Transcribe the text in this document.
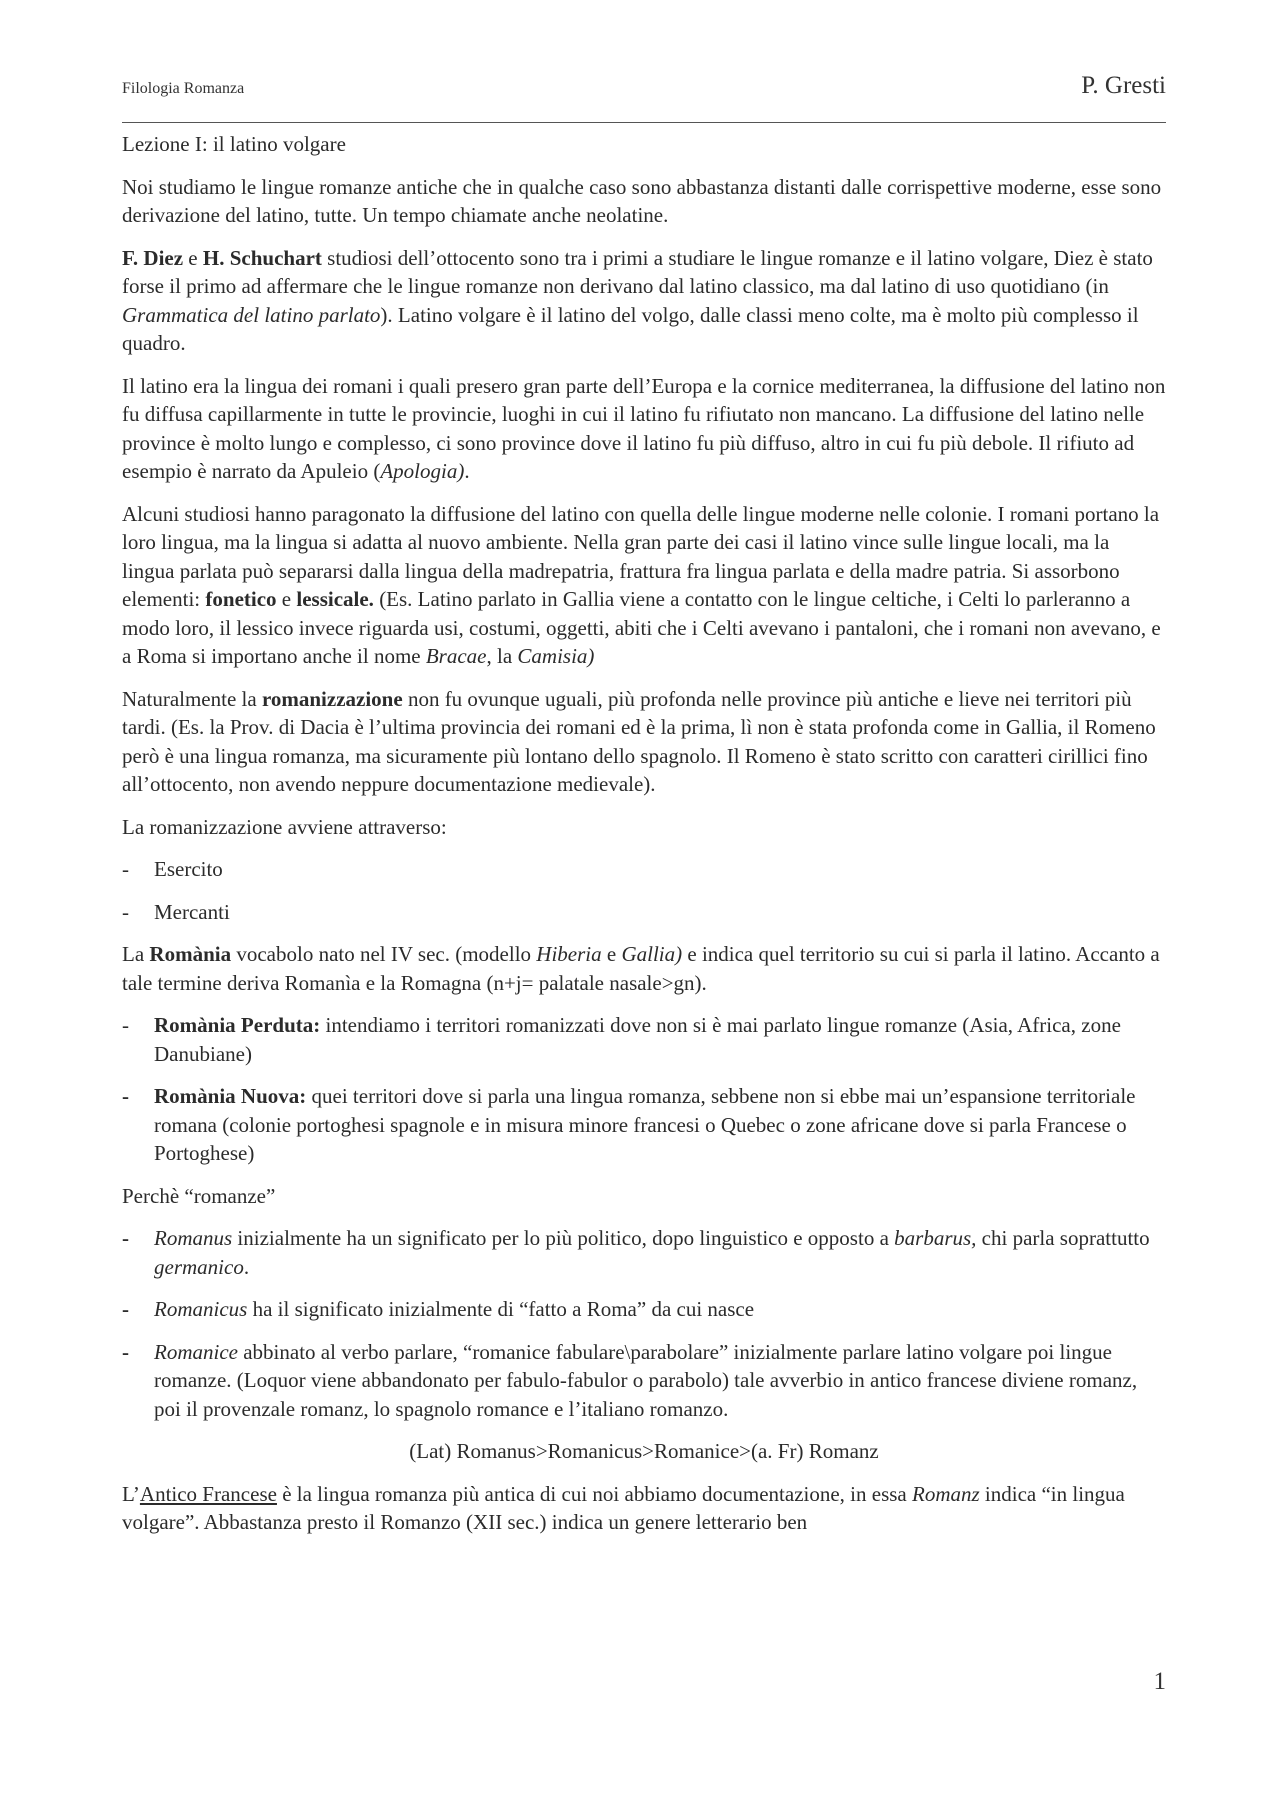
Filologia Romanza	P. Gresti

Lezione I: il latino volgare

Noi studiamo le lingue romanze antiche che in qualche caso sono abbastanza distanti dalle corrispettive moderne, esse sono derivazione del latino, tutte. Un tempo chiamate anche neolatine.

F. Diez e H. Schuchart studiosi dell’ottocento sono tra i primi a studiare le lingue romanze e il latino volgare, Diez è stato forse il primo ad affermare che le lingue romanze non derivano dal latino classico, ma dal latino di uso quotidiano (in Grammatica del latino parlato). Latino volgare è il latino del volgo, dalle classi meno colte, ma è molto più complesso il quadro.

Il latino era la lingua dei romani i quali presero gran parte dell’Europa e la cornice mediterranea, la diffusione del latino non fu diffusa capillarmente in tutte le provincie, luoghi in cui il latino fu rifiutato non mancano. La diffusione del latino nelle province è molto lungo e complesso, ci sono province dove il latino fu più diffuso, altro in cui fu più debole. Il rifiuto ad esempio è narrato da Apuleio (Apologia).

Alcuni studiosi hanno paragonato la diffusione del latino con quella delle lingue moderne nelle colonie. I romani portano la loro lingua, ma la lingua si adatta al nuovo ambiente. Nella gran parte dei casi il latino vince sulle lingue locali, ma la lingua parlata può separarsi dalla lingua della madrepatria, frattura fra lingua parlata e della madre patria. Si assorbono elementi: fonetico e lessicale. (Es. Latino parlato in Gallia viene a contatto con le lingue celtiche, i Celti lo parleranno a modo loro, il lessico invece riguarda usi, costumi, oggetti, abiti che i Celti avevano i pantaloni, che i romani non avevano, e a Roma si importano anche il nome Bracae, la Camisia)

Naturalmente la romanizzazione non fu ovunque uguali, più profonda nelle province più antiche e lieve nei territori più tardi. (Es. la Prov. di Dacia è l’ultima provincia dei romani ed è la prima, lì non è stata profonda come in Gallia, il Romeno però è una lingua romanza, ma sicuramente più lontano dello spagnolo. Il Romeno è stato scritto con caratteri cirillici fino all’ottocento, non avendo neppure documentazione medievale).

La romanizzazione avviene attraverso:

- Esercito
- Mercanti

La Romània vocabolo nato nel IV sec. (modello Hiberia e Gallia) e indica quel territorio su cui si parla il latino. Accanto a tale termine deriva Romanìa e la Romagna (n+j= palatale nasale>gn).

- Romània Perduta: intendiamo i territori romanizzati dove non si è mai parlato lingue romanze (Asia, Africa, zone Danubiane)
- Romània Nuova: quei territori dove si parla una lingua romanza, sebbene non si ebbe mai un’espansione territoriale romana (colonie portoghesi spagnole e in misura minore francesi o Quebec o zone africane dove si parla Francese o Portoghese)

Perchè “romanze”

- Romanus inizialmente ha un significato per lo più politico, dopo linguistico e opposto a barbarus, chi parla soprattutto germanico.
- Romanicus ha il significato inizialmente di “fatto a Roma” da cui nasce
- Romanice abbinato al verbo parlare, “romanice fabulare\parabolare” inizialmente parlare latino volgare poi lingue romanze. (Loquor viene abbandonato per fabulo-fabulor o parabolo) tale avverbio in antico francese diviene romanz, poi il provenzale romanz, lo spagnolo romance e l’italiano romanzo.

(Lat) Romanus>Romanicus>Romanice>(a. Fr) Romanz

L’Antico Francese è la lingua romanza più antica di cui noi abbiamo documentazione, in essa Romanz indica “in lingua volgare”. Abbastanza presto il Romanzo (XII sec.) indica un genere letterario ben

1
